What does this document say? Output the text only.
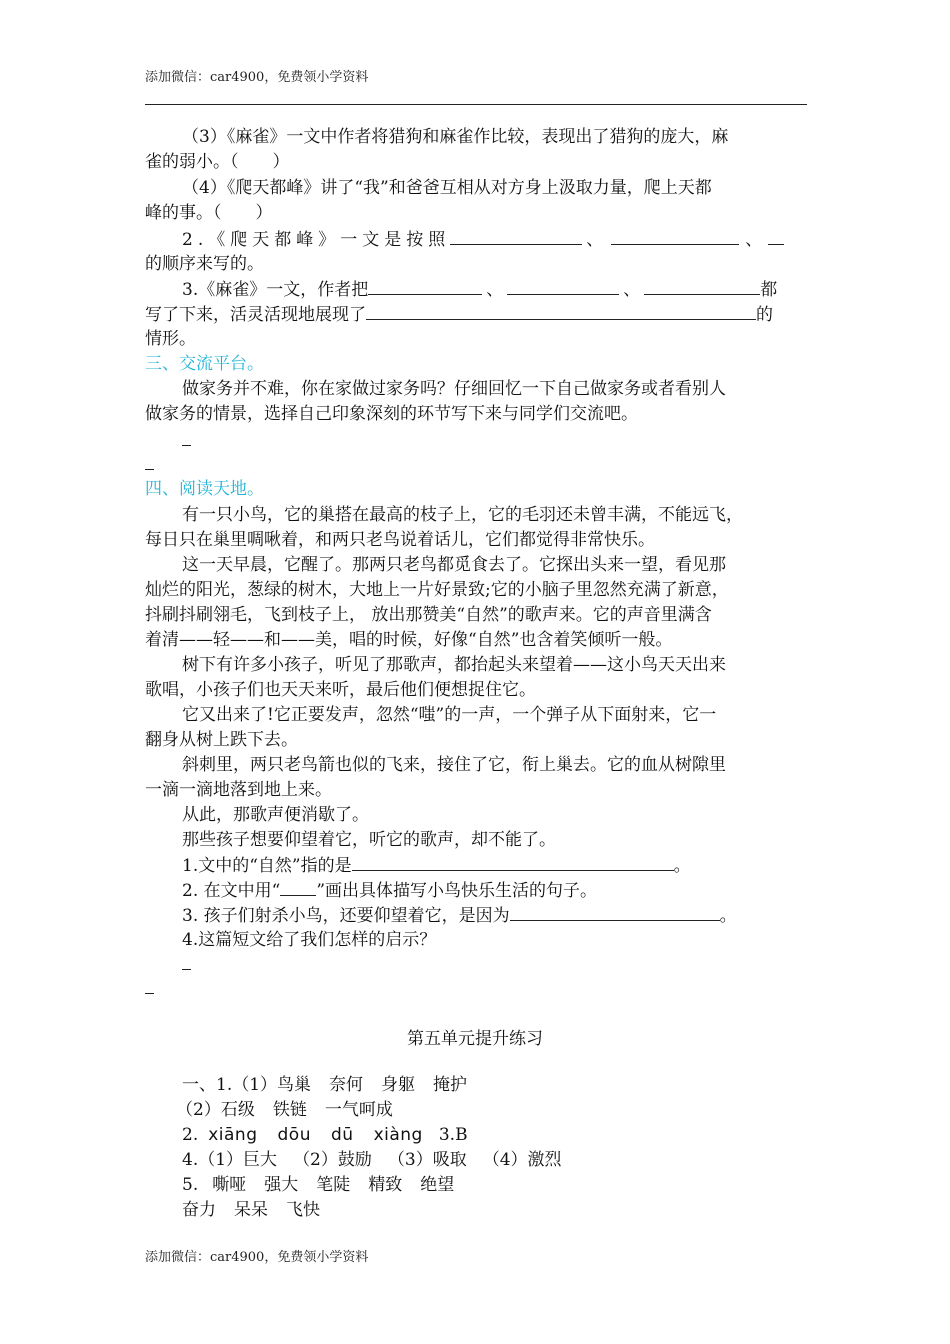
添加微信：car4900，免费领小学资料
（3）《麻雀》一文中作者将猎狗和麻雀作比较，表现出了猎狗的庞大，麻
雀的弱小。（　　）
（4）《爬天都峰》讲了“我”和爸爸互相从对方身上汲取力量，爬上天都
峰的事。（　　）
2.《爬天都峰》一文是按照	、	、
的顺序来写的。
3.《麻雀》一文，作者把	、	、	都
写了下来，活灵活现地展现了	的
情形。
三、交流平台。
做家务并不难，你在家做过家务吗？仔细回忆一下自己做家务或者看别人
做家务的情景，选择自己印象深刻的环节写下来与同学们交流吧。
四、阅读天地。
有一只小鸟，它的巢搭在最高的枝子上，它的毛羽还未曾丰满，不能远飞，
每日只在巢里啁啾着，和两只老鸟说着话儿，它们都觉得非常快乐。
这一天早晨，它醒了。那两只老鸟都觅食去了。它探出头来一望，看见那
灿烂的阳光，葱绿的树木，大地上一片好景致;它的小脑子里忽然充满了新意，
抖刷抖刷翎毛，飞到枝子上， 放出那赞美“自然”的歌声来。它的声音里满含
着清——轻——和——美，唱的时候，好像“自然”也含着笑倾听一般。
树下有许多小孩子，听见了那歌声，都抬起头来望着——这小鸟天天出来
歌唱，小孩子们也天天来听，最后他们便想捉住它。
它又出来了!它正要发声，忽然“嗤”的一声，一个弹子从下面射来，它一
翻身从树上跌下去。
斜刺里，两只老鸟箭也似的飞来，接住了它，衔上巢去。它的血从树隙里
一滴一滴地落到地上来。
从此，那歌声便消歇了。
那些孩子想要仰望着它，听它的歌声，却不能了。
1.文中的“自然”指的是	。
2. 在文中用“ ”画出具体描写小鸟快乐生活的句子。
3. 孩子们射杀小鸟，还要仰望着它，是因为	。
4.这篇短文给了我们怎样的启示？
第五单元提升练习
一、1.（1）鸟巢 奈何 身躯 掩护
（2）石级 铁链 一气呵成
2. xiāng dōu dū xiàng 3.B
4.（1）巨大 （2）鼓励 （3）吸取 （4）激烈
5. 嘶哑 强大 笔陡 精致 绝望
奋力 呆呆 飞快
添加微信：car4900，免费领小学资料
